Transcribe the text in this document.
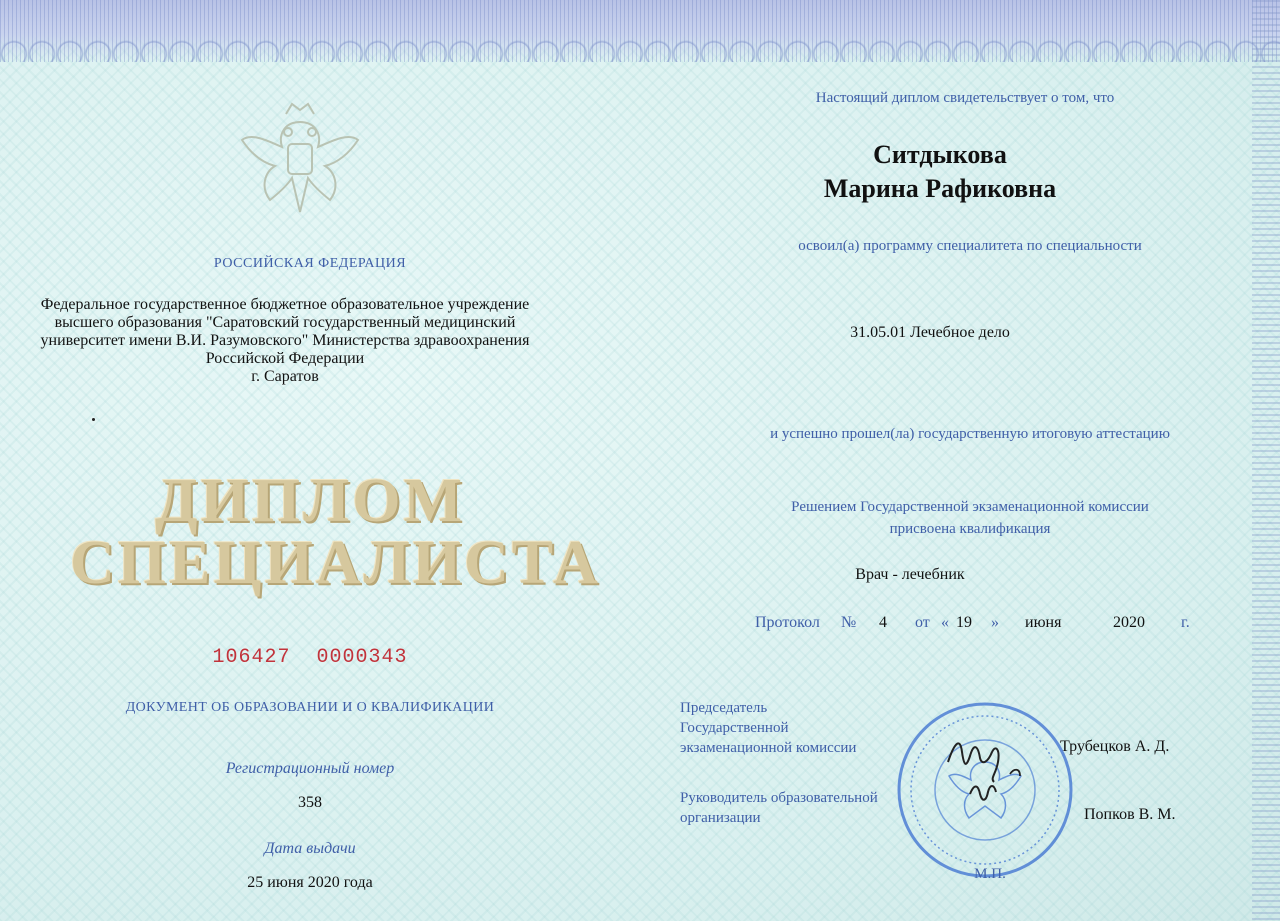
РОССИЙСКАЯ ФЕДЕРАЦИЯ
Федеральное государственное бюджетное образовательное учреждение
высшего образования "Саратовский государственный медицинский
университет имени В.И. Разумовского" Министерства здравоохранения
Российской Федерации
г. Саратов
ДИПЛОМ
СПЕЦИАЛИСТА
106427  0000343
ДОКУМЕНТ ОБ ОБРАЗОВАНИИ И О КВАЛИФИКАЦИИ
Регистрационный номер
358
Дата выдачи
25 июня 2020 года
Настоящий диплом свидетельствует о том, что
Ситдыкова
Марина Рафиковна
освоил(а) программу специалитета по специальности
31.05.01 Лечебное дело
и успешно прошел(ла) государственную итоговую аттестацию
Решением Государственной экзаменационной комиссии
присвоена квалификация
Врач - лечебник
Протокол № 4 от « 19 » июня	2020 г.
Председатель
Государственной
экзаменационной комиссии	Трубецков А. Д.
Руководитель образовательной
организации	Попков В. М.
М.П.
